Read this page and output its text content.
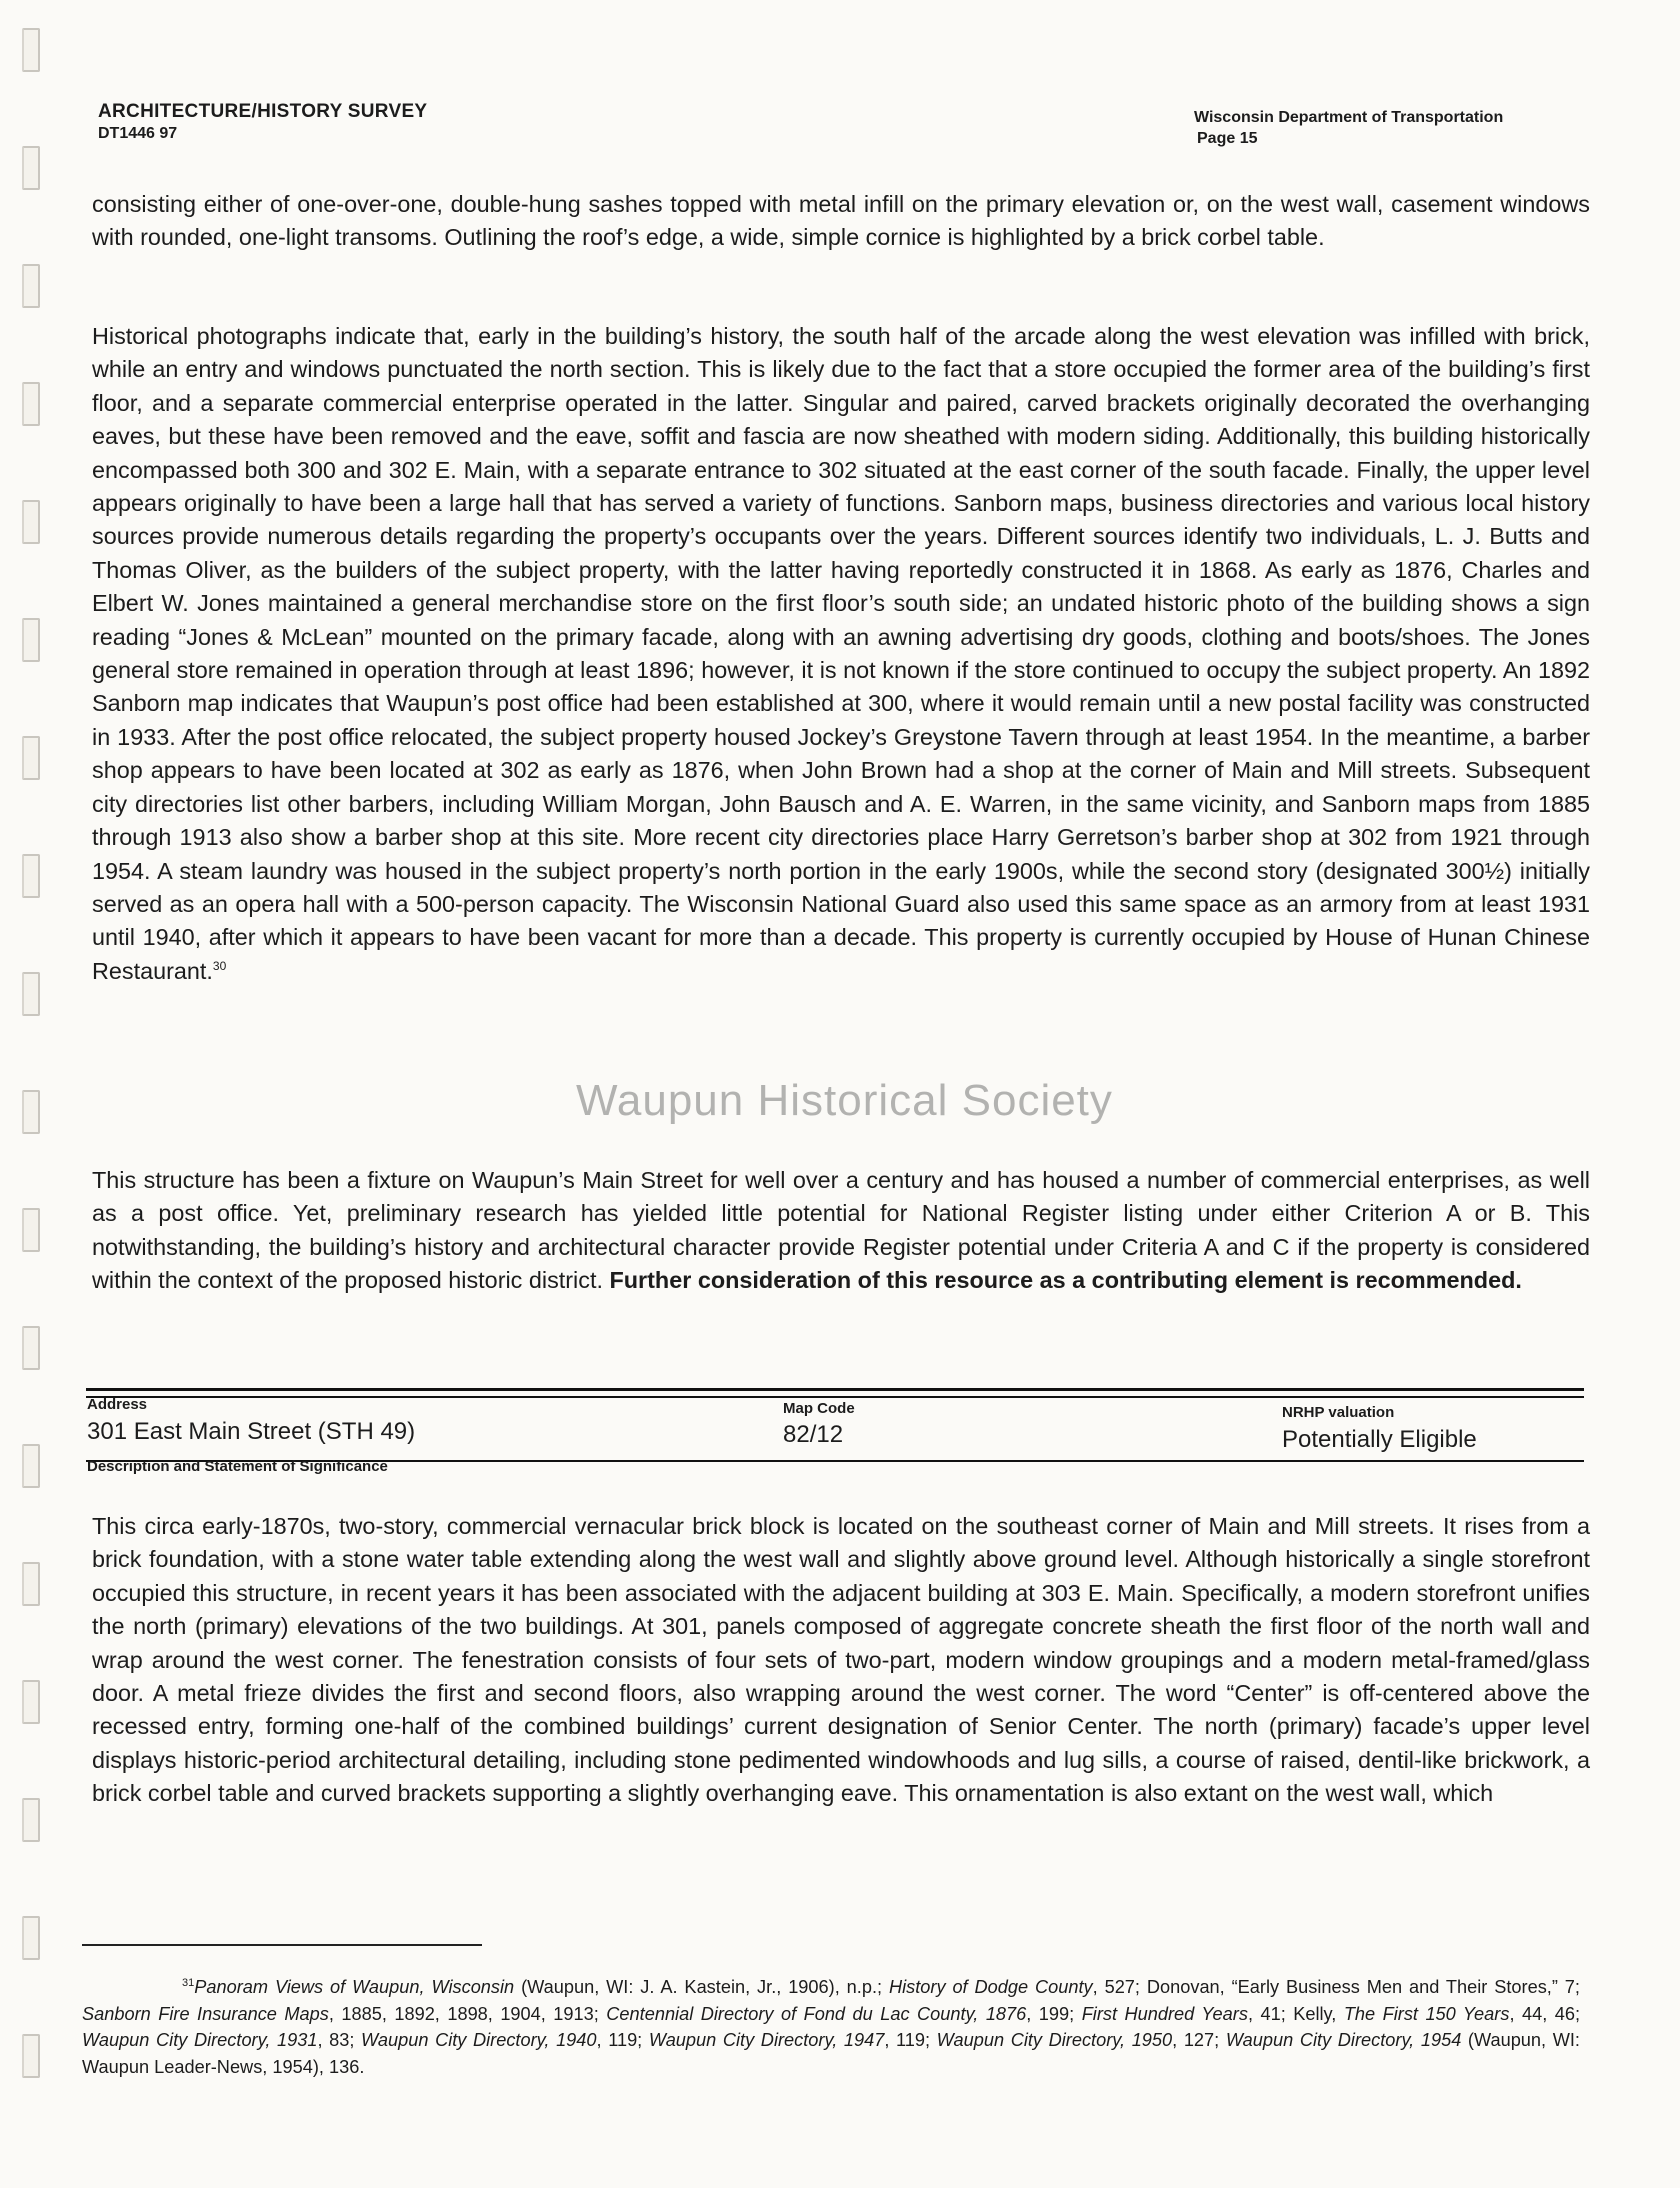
ARCHITECTURE/HISTORY SURVEY
DT1446 97
Wisconsin Department of Transportation
Page 15

consisting either of one-over-one, double-hung sashes topped with metal infill on the primary elevation or, on the west wall, casement windows with rounded, one-light transoms. Outlining the roof’s edge, a wide, simple cornice is highlighted by a brick corbel table.

Historical photographs indicate that, early in the building’s history, the south half of the arcade along the west elevation was infilled with brick, while an entry and windows punctuated the north section. This is likely due to the fact that a store occupied the former area of the building’s first floor, and a separate commercial enterprise operated in the latter. Singular and paired, carved brackets originally decorated the overhanging eaves, but these have been removed and the eave, soffit and fascia are now sheathed with modern siding. Additionally, this building historically encompassed both 300 and 302 E. Main, with a separate entrance to 302 situated at the east corner of the south facade. Finally, the upper level appears originally to have been a large hall that has served a variety of functions. Sanborn maps, business directories and various local history sources provide numerous details regarding the property’s occupants over the years. Different sources identify two individuals, L. J. Butts and Thomas Oliver, as the builders of the subject property, with the latter having reportedly constructed it in 1868. As early as 1876, Charles and Elbert W. Jones maintained a general merchandise store on the first floor’s south side; an undated historic photo of the building shows a sign reading “Jones & McLean” mounted on the primary facade, along with an awning advertising dry goods, clothing and boots/shoes. The Jones general store remained in operation through at least 1896; however, it is not known if the store continued to occupy the subject property. An 1892 Sanborn map indicates that Waupun’s post office had been established at 300, where it would remain until a new postal facility was constructed in 1933. After the post office relocated, the subject property housed Jockey’s Greystone Tavern through at least 1954. In the meantime, a barber shop appears to have been located at 302 as early as 1876, when John Brown had a shop at the corner of Main and Mill streets. Subsequent city directories list other barbers, including William Morgan, John Bausch and A. E. Warren, in the same vicinity, and Sanborn maps from 1885 through 1913 also show a barber shop at this site. More recent city directories place Harry Gerretson’s barber shop at 302 from 1921 through 1954. A steam laundry was housed in the subject property’s north portion in the early 1900s, while the second story (designated 300½) initially served as an opera hall with a 500-person capacity. The Wisconsin National Guard also used this same space as an armory from at least 1931 until 1940, after which it appears to have been vacant for more than a decade. This property is currently occupied by House of Hunan Chinese Restaurant.$^{30}$

Waupun Historical Society

This structure has been a fixture on Waupun’s Main Street for well over a century and has housed a number of commercial enterprises, as well as a post office. Yet, preliminary research has yielded little potential for National Register listing under either Criterion A or B. This notwithstanding, the building’s history and architectural character provide Register potential under Criteria A and C if the property is considered within the context of the proposed historic district. Further consideration of this resource as a contributing element is recommended.

Address
301 East Main Street (STH 49)
Map Code
82/12
NRHP valuation
Potentially Eligible
Description and Statement of Significance

This circa early-1870s, two-story, commercial vernacular brick block is located on the southeast corner of Main and Mill streets. It rises from a brick foundation, with a stone water table extending along the west wall and slightly above ground level. Although historically a single storefront occupied this structure, in recent years it has been associated with the adjacent building at 303 E. Main. Specifically, a modern storefront unifies the north (primary) elevations of the two buildings. At 301, panels composed of aggregate concrete sheath the first floor of the north wall and wrap around the west corner. The fenestration consists of four sets of two-part, modern window groupings and a modern metal-framed/glass door. A metal frieze divides the first and second floors, also wrapping around the west corner. The word “Center” is off-centered above the recessed entry, forming one-half of the combined buildings’ current designation of Senior Center. The north (primary) facade’s upper level displays historic-period architectural detailing, including stone pedimented windowhoods and lug sills, a course of raised, dentil-like brickwork, a brick corbel table and curved brackets supporting a slightly overhanging eave. This ornamentation is also extant on the west wall, which

$^{31}$Panoram Views of Waupun, Wisconsin (Waupun, WI: J. A. Kastein, Jr., 1906), n.p.; History of Dodge County, 527; Donovan, “Early Business Men and Their Stores,” 7; Sanborn Fire Insurance Maps, 1885, 1892, 1898, 1904, 1913; Centennial Directory of Fond du Lac County, 1876, 199; First Hundred Years, 41; Kelly, The First 150 Years, 44, 46; Waupun City Directory, 1931, 83; Waupun City Directory, 1940, 119; Waupun City Directory, 1947, 119; Waupun City Directory, 1950, 127; Waupun City Directory, 1954 (Waupun, WI: Waupun Leader-News, 1954), 136.
